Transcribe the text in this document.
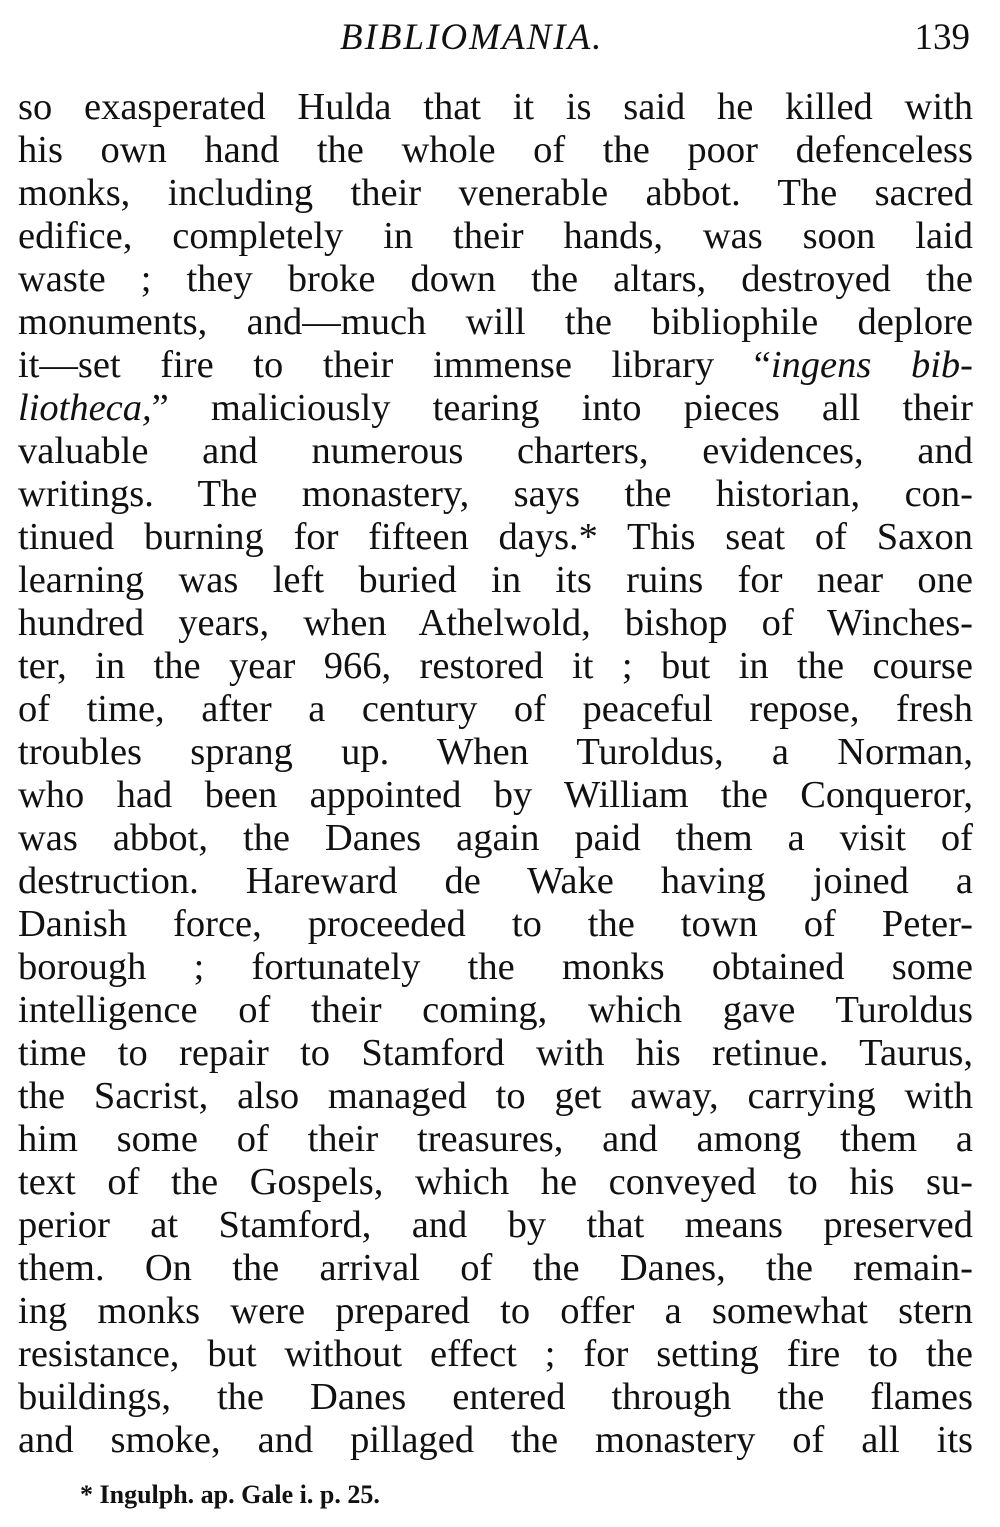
BIBLIOMANIA.	139
so exasperated Hulda that it is said he killed with
his own hand the whole of the poor defenceless
monks, including their venerable abbot. The sacred
edifice, completely in their hands, was soon laid
waste ; they broke down the altars, destroyed the
monuments, and—much will the bibliophile deplore
it—set fire to their immense library “ingens bib-
liotheca,” maliciously tearing into pieces all their
valuable and numerous charters, evidences, and
writings. The monastery, says the historian, con-
tinued burning for fifteen days.* This seat of Saxon
learning was left buried in its ruins for near one
hundred years, when Athelwold, bishop of Winches-
ter, in the year 966, restored it ; but in the course
of time, after a century of peaceful repose, fresh
troubles sprang up. When Turoldus, a Norman,
who had been appointed by William the Conqueror,
was abbot, the Danes again paid them a visit of
destruction. Hareward de Wake having joined a
Danish force, proceeded to the town of Peter-
borough ; fortunately the monks obtained some
intelligence of their coming, which gave Turoldus
time to repair to Stamford with his retinue. Taurus,
the Sacrist, also managed to get away, carrying with
him some of their treasures, and among them a
text of the Gospels, which he conveyed to his su-
perior at Stamford, and by that means preserved
them. On the arrival of the Danes, the remain-
ing monks were prepared to offer a somewhat stern
resistance, but without effect ; for setting fire to the
buildings, the Danes entered through the flames
and smoke, and pillaged the monastery of all its
* Ingulph. ap. Gale i. p. 25.
